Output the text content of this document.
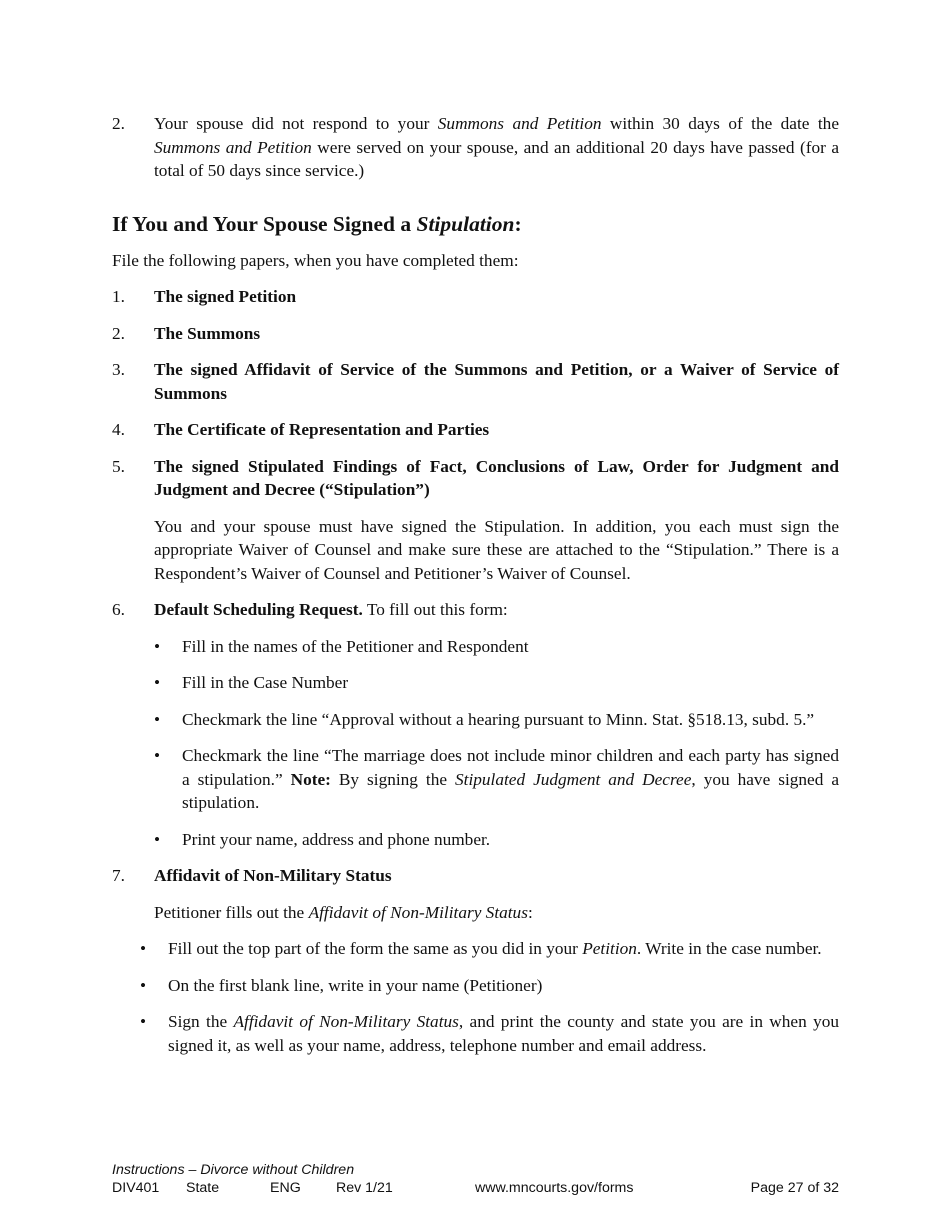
2. Your spouse did not respond to your Summons and Petition within 30 days of the date the Summons and Petition were served on your spouse, and an additional 20 days have passed (for a total of 50 days since service.)
If You and Your Spouse Signed a Stipulation:

File the following papers, when you have completed them:

1. The signed Petition
2. The Summons
3. The signed Affidavit of Service of the Summons and Petition, or a Waiver of Service of Summons
4. The Certificate of Representation and Parties
5. The signed Stipulated Findings of Fact, Conclusions of Law, Order for Judgment and Judgment and Decree (“Stipulation”)

You and your spouse must have signed the Stipulation. In addition, you each must sign the appropriate Waiver of Counsel and make sure these are attached to the “Stipulation.” There is a Respondent’s Waiver of Counsel and Petitioner’s Waiver of Counsel.

6. Default Scheduling Request. To fill out this form:
• Fill in the names of the Petitioner and Respondent
• Fill in the Case Number
• Checkmark the line “Approval without a hearing pursuant to Minn. Stat. §518.13, subd. 5.”
• Checkmark the line “The marriage does not include minor children and each party has signed a stipulation.” Note: By signing the Stipulated Judgment and Decree, you have signed a stipulation.
• Print your name, address and phone number.
7. Affidavit of Non-Military Status

Petitioner fills out the Affidavit of Non-Military Status:

• Fill out the top part of the form the same as you did in your Petition. Write in the case number.
• On the first blank line, write in your name (Petitioner)
• Sign the Affidavit of Non-Military Status, and print the county and state you are in when you signed it, as well as your name, address, telephone number and email address.
Instructions – Divorce without Children
DIV401 State	ENG Rev 1/21	www.mncourts.gov/forms	Page 27 of 32
